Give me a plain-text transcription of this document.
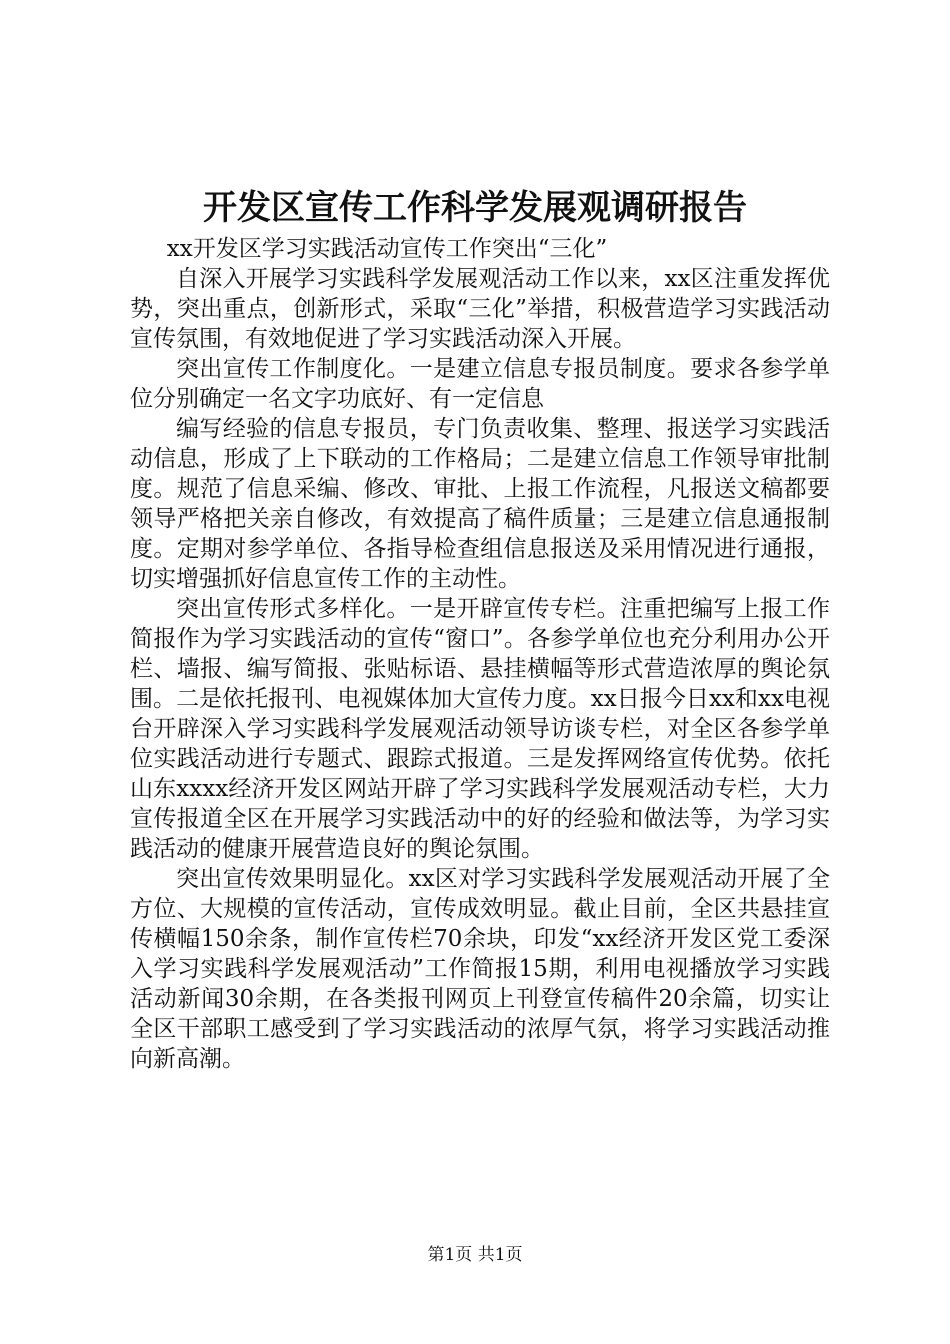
开发区宣传工作科学发展观调研报告

xx开发区学习实践活动宣传工作突出“三化”

自深入开展学习实践科学发展观活动工作以来，xx区注重发挥优势，突出重点，创新形式，采取“三化”举措，积极营造学习实践活动宣传氛围，有效地促进了学习实践活动深入开展。

突出宣传工作制度化。一是建立信息专报员制度。要求各参学单位分别确定一名文字功底好、有一定信息

编写经验的信息专报员，专门负责收集、整理、报送学习实践活动信息，形成了上下联动的工作格局；二是建立信息工作领导审批制度。规范了信息采编、修改、审批、上报工作流程，凡报送文稿都要领导严格把关亲自修改，有效提高了稿件质量；三是建立信息通报制度。定期对参学单位、各指导检查组信息报送及采用情况进行通报，切实增强抓好信息宣传工作的主动性。

突出宣传形式多样化。一是开辟宣传专栏。注重把编写上报工作简报作为学习实践活动的宣传“窗口”。各参学单位也充分利用办公开栏、墙报、编写简报、张贴标语、悬挂横幅等形式营造浓厚的舆论氛围。二是依托报刊、电视媒体加大宣传力度。xx日报今日xx和xx电视台开辟深入学习实践科学发展观活动领导访谈专栏，对全区各参学单位实践活动进行专题式、跟踪式报道。三是发挥网络宣传优势。依托山东xxxx经济开发区网站开辟了学习实践科学发展观活动专栏，大力宣传报道全区在开展学习实践活动中的好的经验和做法等，为学习实践活动的健康开展营造良好的舆论氛围。

突出宣传效果明显化。xx区对学习实践科学发展观活动开展了全方位、大规模的宣传活动，宣传成效明显。截止目前，全区共悬挂宣传横幅150余条，制作宣传栏70余块，印发“xx经济开发区党工委深入学习实践科学发展观活动”工作简报15期，利用电视播放学习实践活动新闻30余期，在各类报刊网页上刊登宣传稿件20余篇，切实让全区干部职工感受到了学习实践活动的浓厚气氛，将学习实践活动推向新高潮。

第1页 共1页
